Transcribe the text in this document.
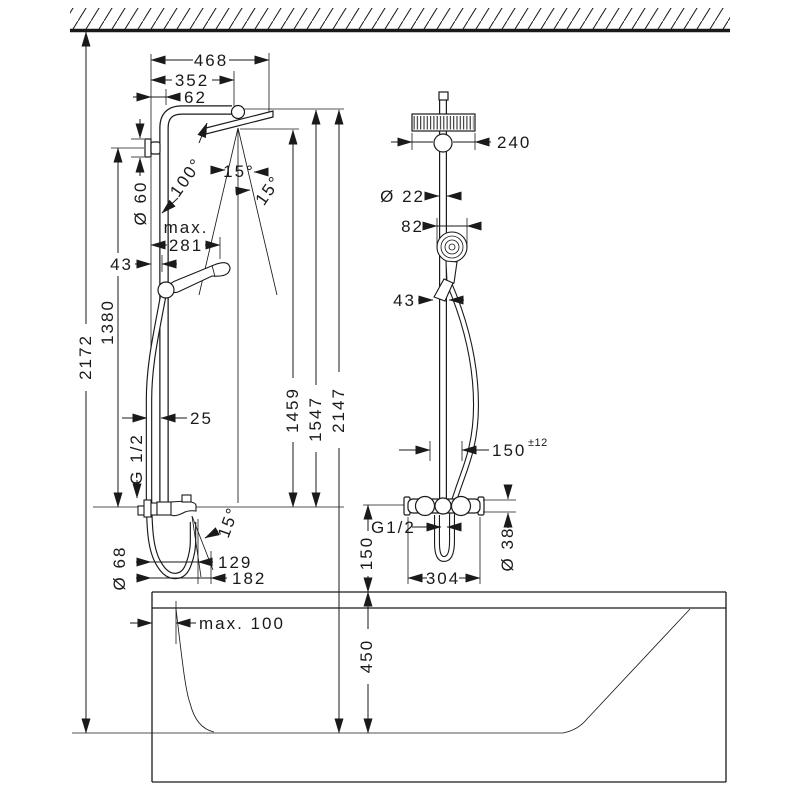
468
352
62
Ø 60
100° 15°
15°
max.
281
43
1380
2172
1459 1547 2147
25
G 1/2
Ø 68	129
182
15°
240
Ø 22
82
43
150 ±12
G1/2	Ø 38
150
304
max. 100
450
